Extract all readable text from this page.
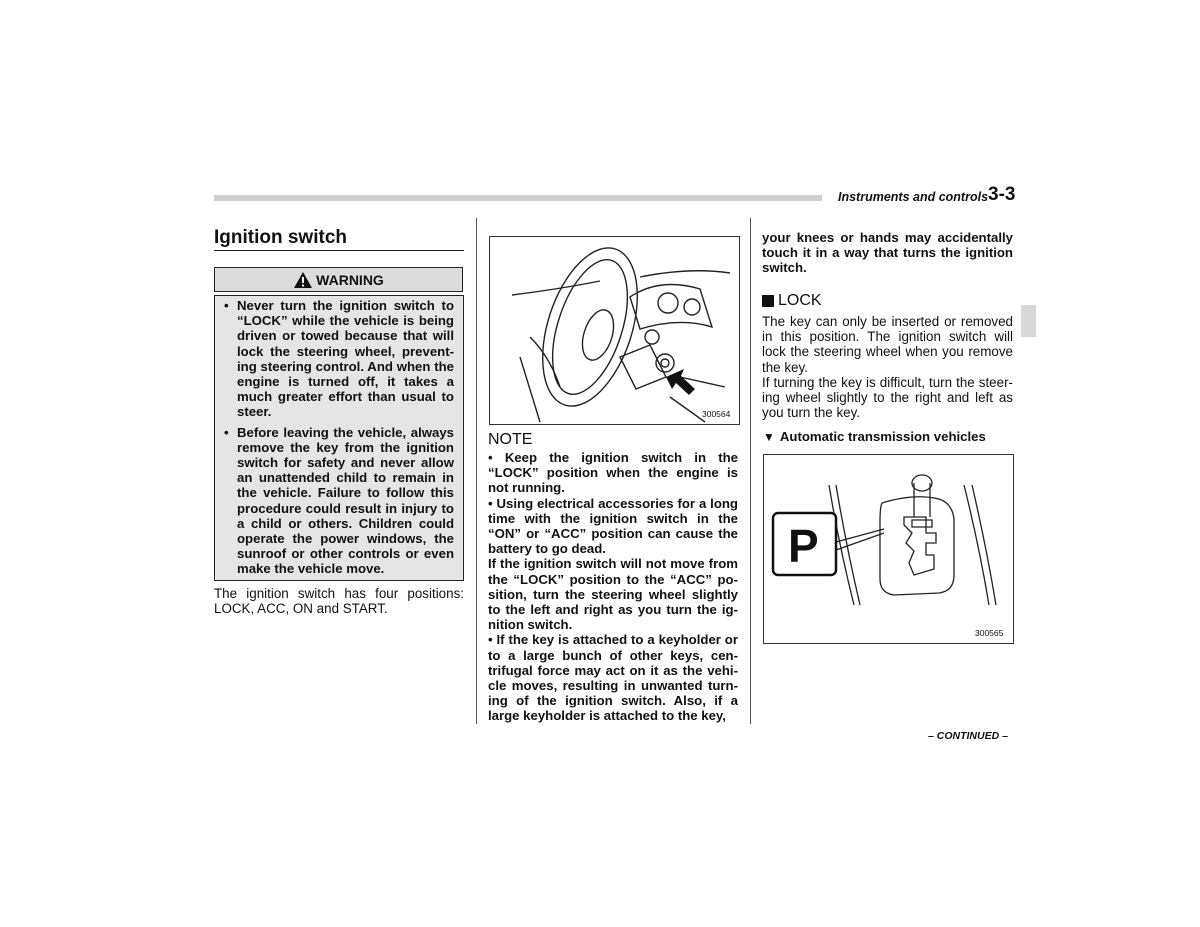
Instruments and controls 3-3
Ignition switch
WARNING
• Never turn the ignition switch to “LOCK” while the vehicle is being driven or towed because that will lock the steering wheel, prevent-ing steering control. And when the engine is turned off, it takes a much greater effort than usual to steer.
• Before leaving the vehicle, always remove the key from the ignition switch for safety and never allow an unattended child to remain in the vehicle. Failure to follow this procedure could result in injury to a child or others. Children could operate the power windows, the sunroof or other controls or even make the vehicle move.
The ignition switch has four positions: LOCK, ACC, ON and START.
300564
NOTE
• Keep the ignition switch in the “LOCK” position when the engine is not running.
• Using electrical accessories for a long time with the ignition switch in the “ON” or “ACC” position can cause the battery to go dead.
If the ignition switch will not move from the “LOCK” position to the “ACC” po-sition, turn the steering wheel slightly to the left and right as you turn the ig-nition switch.
• If the key is attached to a keyholder or to a large bunch of other keys, cen-trifugal force may act on it as the vehi-cle moves, resulting in unwanted turn-ing of the ignition switch. Also, if a large keyholder is attached to the key,
your knees or hands may accidentally touch it in a way that turns the ignition switch.
LOCK
The key can only be inserted or removed in this position. The ignition switch will lock the steering wheel when you remove the key.
If turning the key is difficult, turn the steer-ing wheel slightly to the right and left as you turn the key.
▼ Automatic transmission vehicles
P
300565
– CONTINUED –
